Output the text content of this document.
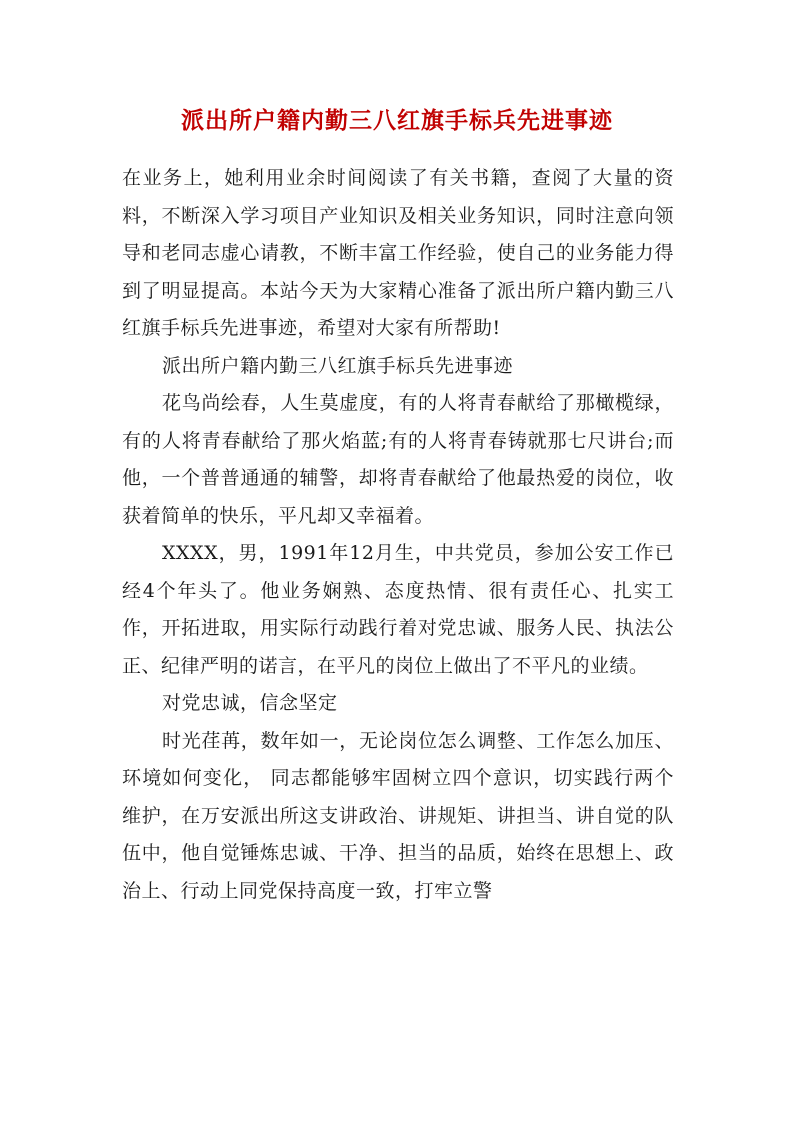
派出所户籍内勤三八红旗手标兵先进事迹

在业务上，她利用业余时间阅读了有关书籍，查阅了大量的资料，不断深入学习项目产业知识及相关业务知识，同时注意向领导和老同志虚心请教，不断丰富工作经验，使自己的业务能力得到了明显提高。本站今天为大家精心准备了派出所户籍内勤三八红旗手标兵先进事迹，希望对大家有所帮助!

派出所户籍内勤三八红旗手标兵先进事迹

花鸟尚绘春，人生莫虚度，有的人将青春献给了那橄榄绿，有的人将青春献给了那火焰蓝;有的人将青春铸就那七尺讲台;而他，一个普普通通的辅警，却将青春献给了他最热爱的岗位，收获着简单的快乐，平凡却又幸福着。

XXXX，男，1991年12月生，中共党员，参加公安工作已经4个年头了。他业务娴熟、态度热情、很有责任心、扎实工作，开拓进取，用实际行动践行着对党忠诚、服务人民、执法公正、纪律严明的诺言，在平凡的岗位上做出了不平凡的业绩。

对党忠诚，信念坚定

时光荏苒，数年如一，无论岗位怎么调整、工作怎么加压、环境如何变化， 同志都能够牢固树立四个意识，切实践行两个维护，在万安派出所这支讲政治、讲规矩、讲担当、讲自觉的队伍中，他自觉锤炼忠诚、干净、担当的品质，始终在思想上、政治上、行动上同党保持高度一致，打牢立警
